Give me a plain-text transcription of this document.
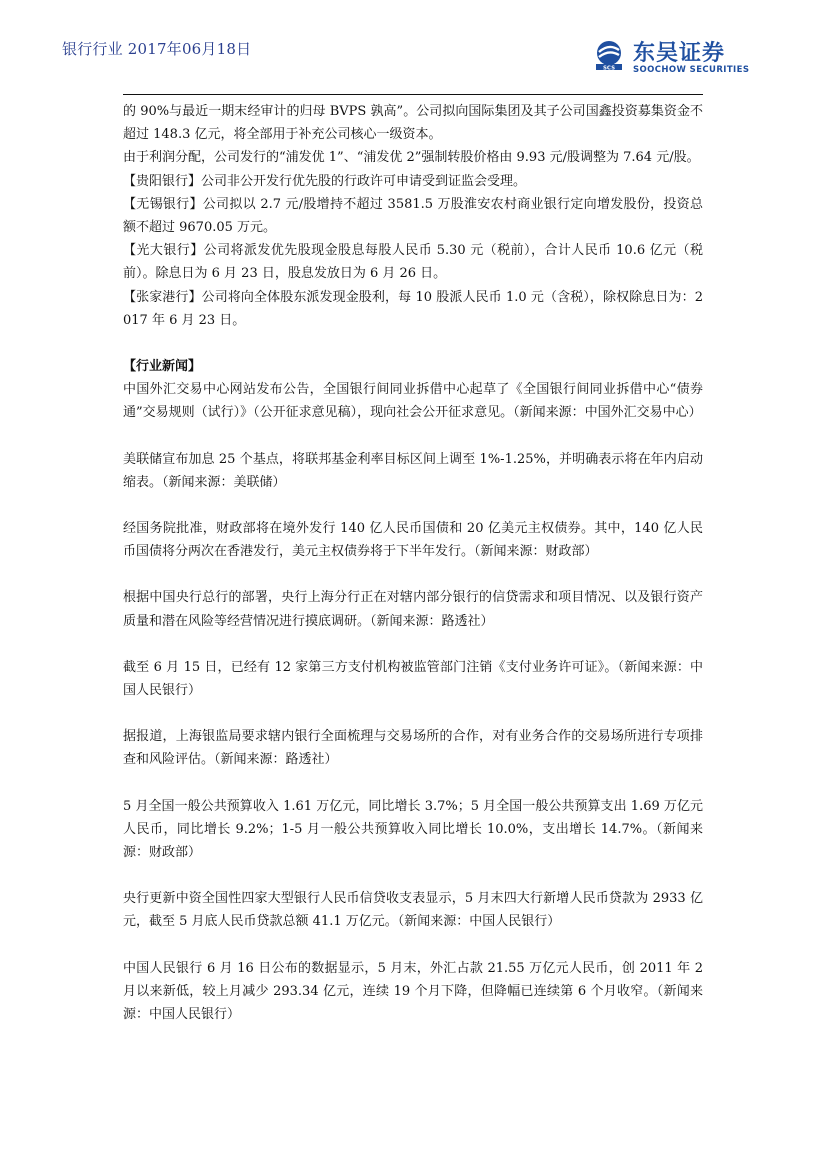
银行行业 2017年06月18日
SCS
东吴证券
SOOCHOW SECURITIES

的 90%与最近一期末经审计的归母 BVPS 孰高”。公司拟向国际集团及其子公司国鑫投资募集资金不超过 148.3 亿元，将全部用于补充公司核心一级资本。

由于利润分配，公司发行的“浦发优 1”、“浦发优 2”强制转股价格由 9.93 元/股调整为 7.64 元/股。

【贵阳银行】公司非公开发行优先股的行政许可申请受到证监会受理。

【无锡银行】公司拟以 2.7 元/股增持不超过 3581.5 万股淮安农村商业银行定向增发股份，投资总额不超过 9670.05 万元。

【光大银行】公司将派发优先股现金股息每股人民币 5.30 元（税前），合计人民币 10.6 亿元（税前）。除息日为 6 月 23 日，股息发放日为 6 月 26 日。

【张家港行】公司将向全体股东派发现金股利，每 10 股派人民币 1.0 元（含税），除权除息日为：2017 年 6 月 23 日。

【行业新闻】

中国外汇交易中心网站发布公告，全国银行间同业拆借中心起草了《全国银行间同业拆借中心“债券通”交易规则（试行）》（公开征求意见稿），现向社会公开征求意见。（新闻来源：中国外汇交易中心）

美联储宣布加息 25 个基点，将联邦基金利率目标区间上调至 1%-1.25%，并明确表示将在年内启动缩表。（新闻来源：美联储）

经国务院批准，财政部将在境外发行 140 亿人民币国债和 20 亿美元主权债券。其中，140 亿人民币国债将分两次在香港发行，美元主权债券将于下半年发行。（新闻来源：财政部）

根据中国央行总行的部署，央行上海分行正在对辖内部分银行的信贷需求和项目情况、以及银行资产质量和潜在风险等经营情况进行摸底调研。（新闻来源：路透社）

截至 6 月 15 日，已经有 12 家第三方支付机构被监管部门注销《支付业务许可证》。（新闻来源：中国人民银行）

据报道，上海银监局要求辖内银行全面梳理与交易场所的合作，对有业务合作的交易场所进行专项排查和风险评估。（新闻来源：路透社）

5 月全国一般公共预算收入 1.61 万亿元，同比增长 3.7%；5 月全国一般公共预算支出 1.69 万亿元人民币，同比增长 9.2%；1-5 月一般公共预算收入同比增长 10.0%，支出增长 14.7%。（新闻来源：财政部）

央行更新中资全国性四家大型银行人民币信贷收支表显示，5 月末四大行新增人民币贷款为 2933 亿元，截至 5 月底人民币贷款总额 41.1 万亿元。（新闻来源：中国人民银行）

中国人民银行 6 月 16 日公布的数据显示，5 月末，外汇占款 21.55 万亿元人民币，创 2011 年 2 月以来新低，较上月减少 293.34 亿元，连续 19 个月下降，但降幅已连续第 6 个月收窄。（新闻来源：中国人民银行）
